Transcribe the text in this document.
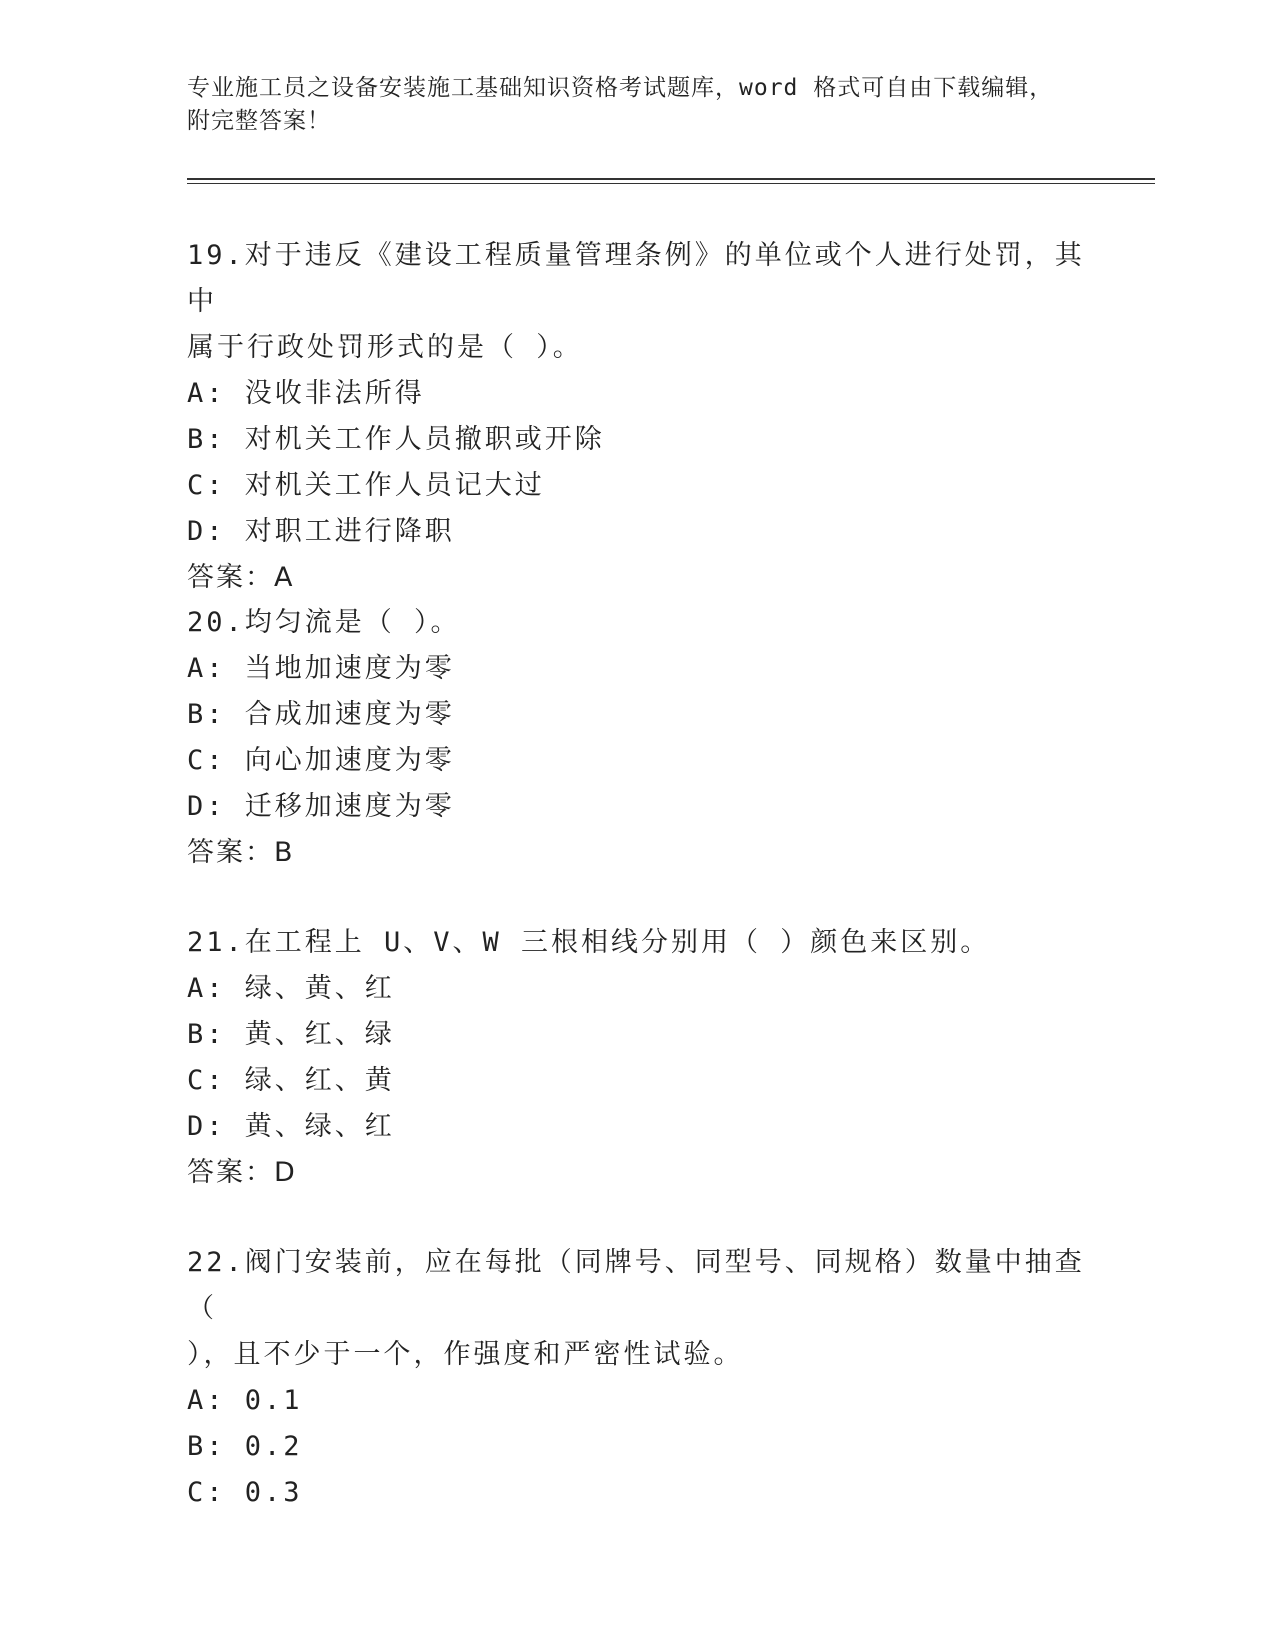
专业施工员之设备安装施工基础知识资格考试题库，word 格式可自由下载编辑，
附完整答案！

19.对于违反《建设工程质量管理条例》的单位或个人进行处罚，其中

属于行政处罚形式的是（ ）。

A: 没收非法所得

B: 对机关工作人员撤职或开除

C: 对机关工作人员记大过

D: 对职工进行降职

答案：A

20.均匀流是（ ）。

A: 当地加速度为零

B: 合成加速度为零

C: 向心加速度为零

D: 迁移加速度为零

答案：B

21.在工程上 U、V、W 三根相线分别用（ ）颜色来区别。

A: 绿、黄、红

B: 黄、红、绿

C: 绿、红、黄

D: 黄、绿、红

答案：D

22.阀门安装前，应在每批（同牌号、同型号、同规格）数量中抽查（

），且不少于一个，作强度和严密性试验。

A: 0.1

B: 0.2

C: 0.3
